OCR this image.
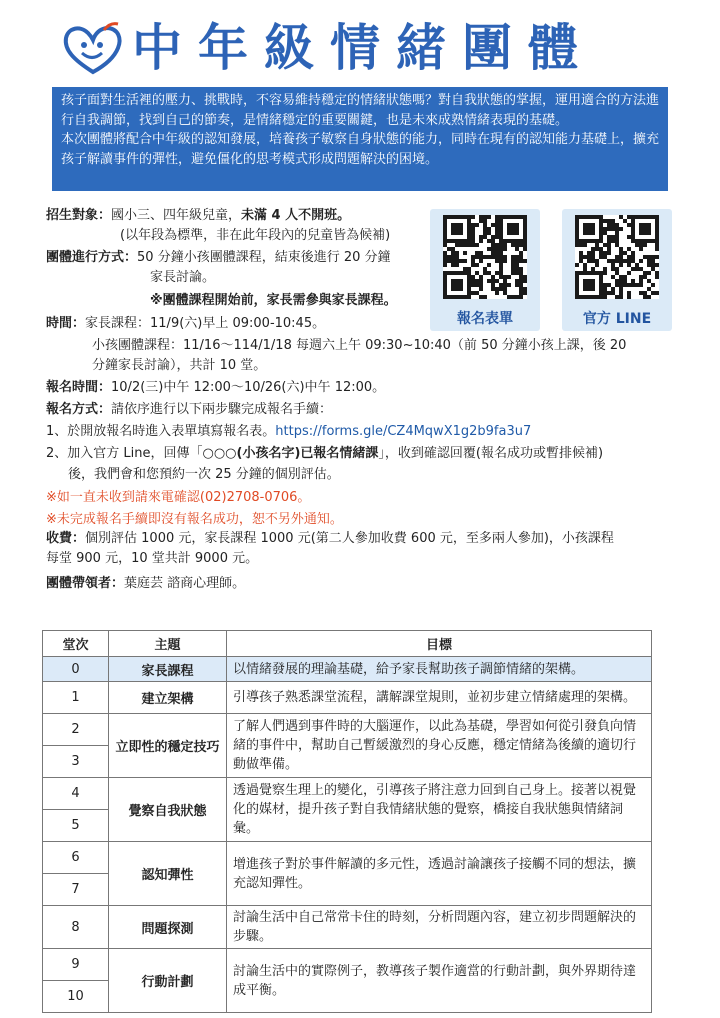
中年級情緒團體

孩子面對生活裡的壓力、挑戰時，不容易維持穩定的情緒狀態嗎？對自我狀態的掌握，運用適合的方法進行自我調節，找到自己的節奏，是情緒穩定的重要關鍵，也是未來成熟情緒表現的基礎。

本次團體將配合中年級的認知發展，培養孩子敏察自身狀態的能力，同時在現有的認知能力基礎上，擴充孩子解讀事件的彈性，避免僵化的思考模式形成問題解決的困境。

報名表單	官方 LINE
招生對象：國小三、四年級兒童，未滿 4 人不開班。
(以年段為標準，非在此年段內的兒童皆為候補)
團體進行方式：50 分鐘小孩團體課程，結束後進行 20 分鐘
家長討論。
※團體課程開始前，家長需參與家長課程。
時間：家長課程：11/9(六)早上 09:00-10:45。
小孩團體課程：11/16～114/1/18 每週六上午 09:30~10:40（前 50 分鐘小孩上課，後 20
分鐘家長討論），共計 10 堂。
報名時間：10/2(三)中午 12:00～10/26(六)中午 12:00。
報名方式：請依序進行以下兩步驟完成報名手續：
1、於開放報名時進入表單填寫報名表。https://forms.gle/CZ4MqwX1g2b9fa3u7
2、加入官方 Line，回傳「○○○(小孩名字)已報名情緒課」，收到確認回覆(報名成功或暫排候補)
後，我們會和您預約一次 25 分鐘的個別評估。
※如一直未收到請來電確認(02)2708-0706。
※未完成報名手續即沒有報名成功，恕不另外通知。
收費：個別評估 1000 元，家長課程 1000 元(第二人參加收費 600 元，至多兩人參加)，小孩課程
每堂 900 元，10 堂共計 9000 元。
團體帶領者：葉庭芸 諮商心理師。
堂次	主題	目標
0	家長課程	以情緒發展的理論基礎，給予家長幫助孩子調節情緒的架構。
1	建立架構	引導孩子熟悉課堂流程，講解課堂規則，並初步建立情緒處理的架構。
2	立即性的穩定技巧	了解人們遇到事件時的大腦運作，以此為基礎，學習如何從引發負向情緒的事件中，幫助自己暫緩激烈的身心反應，穩定情緒為後續的適切行動做準備。
3		
4	覺察自我狀態	透過覺察生理上的變化，引導孩子將注意力回到自己身上。接著以視覺化的媒材，提升孩子對自我情緒狀態的覺察，橋接自我狀態與情緒詞彙。
5		
6	認知彈性	增進孩子對於事件解讀的多元性，透過討論讓孩子接觸不同的想法，擴充認知彈性。
7		
8	問題探測	討論生活中自己常常卡住的時刻，分析問題內容，建立初步問題解決的步驟。
9	行動計劃	討論生活中的實際例子，教導孩子製作適當的行動計劃，與外界期待達成平衡。
10		
